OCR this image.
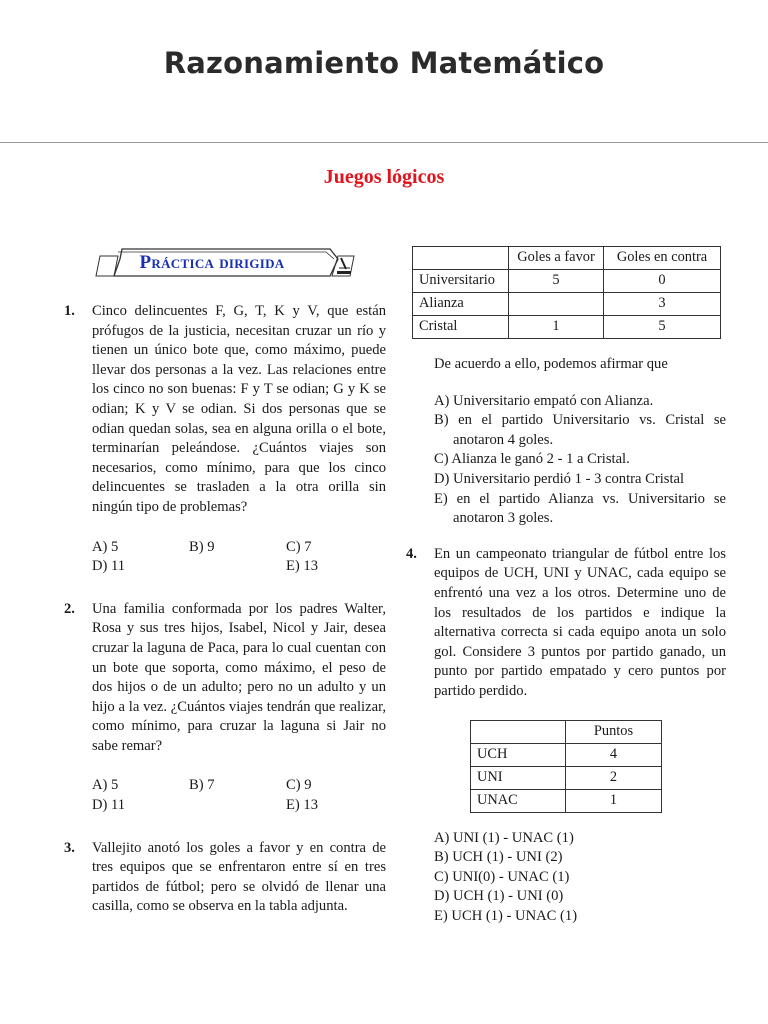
Razonamiento Matemático
Juegos lógicos
Práctica dirigida
1.	Cinco delincuentes F, G, T, K y V, que están prófugos de la justicia, necesitan cruzar un río y tienen un único bote que, como máximo, puede llevar dos personas a la vez. Las relaciones entre los cinco no son buenas: F y T se odian; G y K se odian; K y V se odian. Si dos personas que se odian quedan solas, sea en alguna orilla o el bote, terminarían peleándose. ¿Cuántos viajes son necesarios, como mínimo, para que los cinco delincuentes se trasladen a la otra orilla sin ningún tipo de problemas?
A) 5	B) 9	C) 7
D) 11	E) 13
2.	Una familia conformada por los padres Walter, Rosa y sus tres hijos, Isabel, Nicol y Jair, desea cruzar la laguna de Paca, para lo cual cuentan con un bote que soporta, como máximo, el peso de dos hijos o de un adulto; pero no un adulto y un hijo a la vez. ¿Cuántos viajes tendrán que realizar, como mínimo, para cruzar la laguna si Jair no sabe remar?
A) 5	B) 7	C) 9
D) 11	E) 13
3.	Vallejito anotó los goles a favor y en contra de tres equipos que se enfrentaron entre sí en tres partidos de fútbol; pero se olvidó de llenar una casilla, como se observa en la tabla adjunta.
	Goles a favor	Goles en contra
Universitario	5	0
Alianza		3
Cristal	1	5
De acuerdo a ello, podemos afirmar que
A) Universitario empató con Alianza.
B) en el partido Universitario vs. Cristal se anotaron 4 goles.
C) Alianza le ganó 2 - 1 a Cristal.
D) Universitario perdió 1 - 3 contra Cristal
E) en el partido Alianza vs. Universitario se anotaron 3 goles.
4.	En un campeonato triangular de fútbol entre los equipos de UCH, UNI y UNAC, cada equipo se enfrentó una vez a los otros. Determine uno de los resultados de los partidos e indique la alternativa correcta si cada equipo anota un solo gol. Considere 3 puntos por partido ganado, un punto por partido empatado y cero puntos por partido perdido.
	Puntos
UCH	4
UNI	2
UNAC	1
A) UNI (1) - UNAC (1)
B) UCH (1) - UNI (2)
C) UNI(0) - UNAC (1)
D) UCH (1) - UNI (0)
E) UCH (1) - UNAC (1)
